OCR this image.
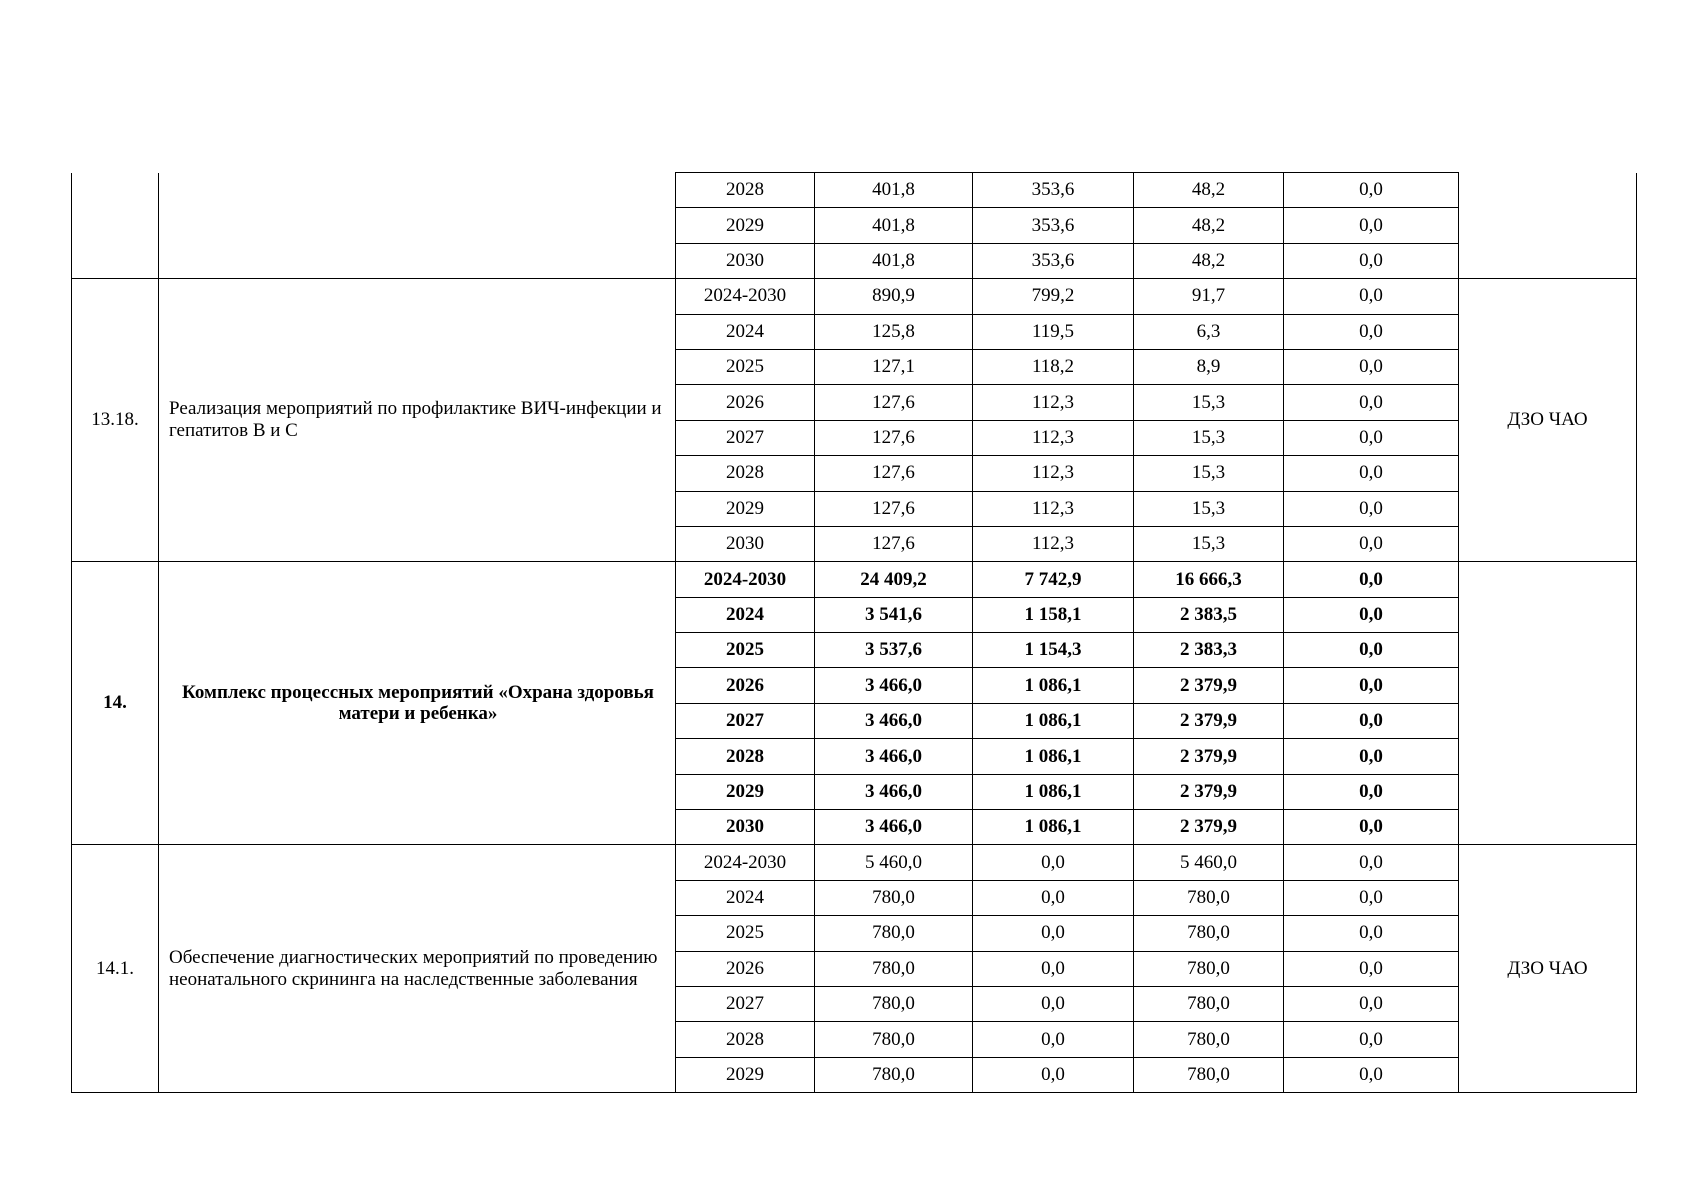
		2028	401,8	353,6	48,2	0,0	
		2029	401,8	353,6	48,2	0,0	
		2030	401,8	353,6	48,2	0,0	
13.18.	Реализация мероприятий по профилактике ВИЧ-инфекции и гепатитов В и С	2024-2030	890,9	799,2	91,7	0,0	ДЗО ЧАО
		2024	125,8	119,5	6,3	0,0	
		2025	127,1	118,2	8,9	0,0	
		2026	127,6	112,3	15,3	0,0	
		2027	127,6	112,3	15,3	0,0	
		2028	127,6	112,3	15,3	0,0	
		2029	127,6	112,3	15,3	0,0	
		2030	127,6	112,3	15,3	0,0	
14.	Комплекс процессных мероприятий «Охрана здоровья матери и ребенка»	2024-2030	24 409,2	7 742,9	16 666,3	0,0	
		2024	3 541,6	1 158,1	2 383,5	0,0	
		2025	3 537,6	1 154,3	2 383,3	0,0	
		2026	3 466,0	1 086,1	2 379,9	0,0	
		2027	3 466,0	1 086,1	2 379,9	0,0	
		2028	3 466,0	1 086,1	2 379,9	0,0	
		2029	3 466,0	1 086,1	2 379,9	0,0	
		2030	3 466,0	1 086,1	2 379,9	0,0	
14.1.	Обеспечение диагностических мероприятий по проведению неонатального скрининга на наследственные заболевания	2024-2030	5 460,0	0,0	5 460,0	0,0	ДЗО ЧАО
		2024	780,0	0,0	780,0	0,0	
		2025	780,0	0,0	780,0	0,0	
		2026	780,0	0,0	780,0	0,0	
		2027	780,0	0,0	780,0	0,0	
		2028	780,0	0,0	780,0	0,0	
		2029	780,0	0,0	780,0	0,0	
